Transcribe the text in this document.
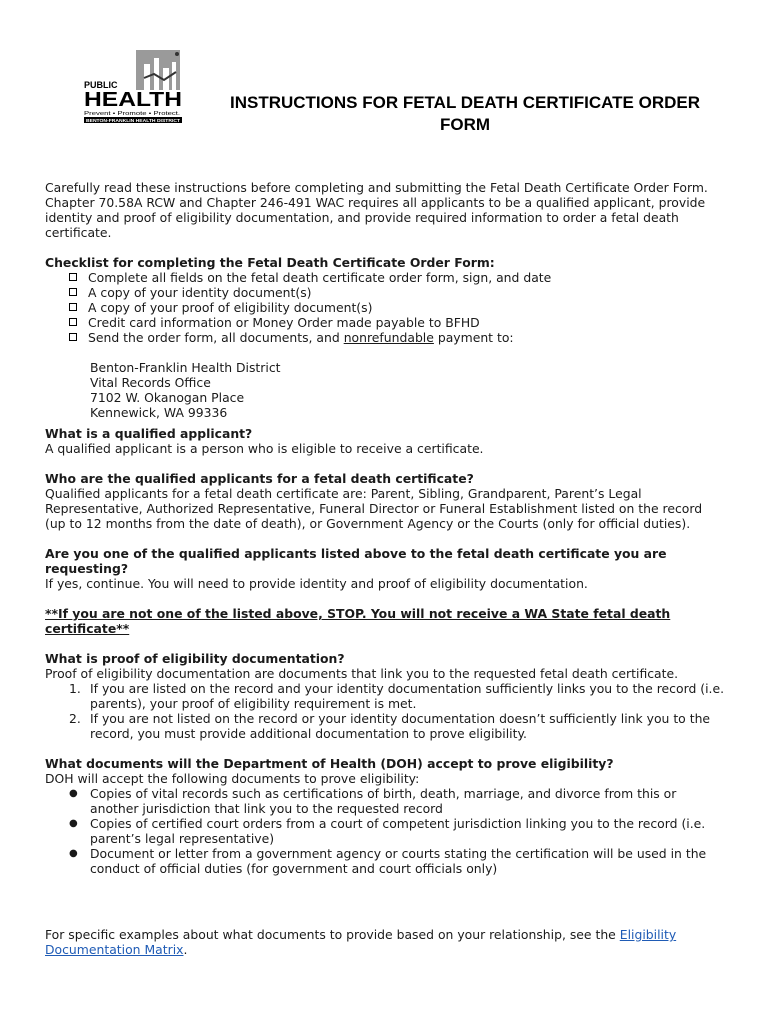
PUBLIC
HEALTH
Prevent • Promote • Protect.
BENTON-FRANKLIN HEALTH DISTRICT
INSTRUCTIONS FOR FETAL DEATH CERTIFICATE ORDER
FORM

Carefully read these instructions before completing and submitting the Fetal Death Certificate Order Form. Chapter 70.58A RCW and Chapter 246-491 WAC requires all applicants to be a qualified applicant, provide identity and proof of eligibility documentation, and provide required information to order a fetal death certificate.

Checklist for completing the Fetal Death Certificate Order Form:

Complete all fields on the fetal death certificate order form, sign, and date
A copy of your identity document(s)
A copy of your proof of eligibility document(s)
Credit card information or Money Order made payable to BFHD
Send the order form, all documents, and nonrefundable payment to:
Benton-Franklin Health District
Vital Records Office
7102 W. Okanogan Place
Kennewick, WA 99336

What is a qualified applicant?

A qualified applicant is a person who is eligible to receive a certificate.

Who are the qualified applicants for a fetal death certificate?

Qualified applicants for a fetal death certificate are: Parent, Sibling, Grandparent, Parent’s Legal Representative, Authorized Representative, Funeral Director or Funeral Establishment listed on the record (up to 12 months from the date of death), or Government Agency or the Courts (only for official duties).

Are you one of the qualified applicants listed above to the fetal death certificate you are requesting?

If yes, continue. You will need to provide identity and proof of eligibility documentation.

**If you are not one of the listed above, STOP. You will not receive a WA State fetal death certificate**

What is proof of eligibility documentation?

Proof of eligibility documentation are documents that link you to the requested fetal death certificate.

1. If you are listed on the record and your identity documentation sufficiently links you to the record (i.e. parents), your proof of eligibility requirement is met.
2. If you are not listed on the record or your identity documentation doesn’t sufficiently link you to the record, you must provide additional documentation to prove eligibility.

What documents will the Department of Health (DOH) accept to prove eligibility?

DOH will accept the following documents to prove eligibility:

● Copies of vital records such as certifications of birth, death, marriage, and divorce from this or another jurisdiction that link you to the requested record
● Copies of certified court orders from a court of competent jurisdiction linking you to the record (i.e. parent’s legal representative)
● Document or letter from a government agency or courts stating the certification will be used in the conduct of official duties (for government and court officials only)

For specific examples about what documents to provide based on your relationship, see the Eligibility Documentation Matrix.
